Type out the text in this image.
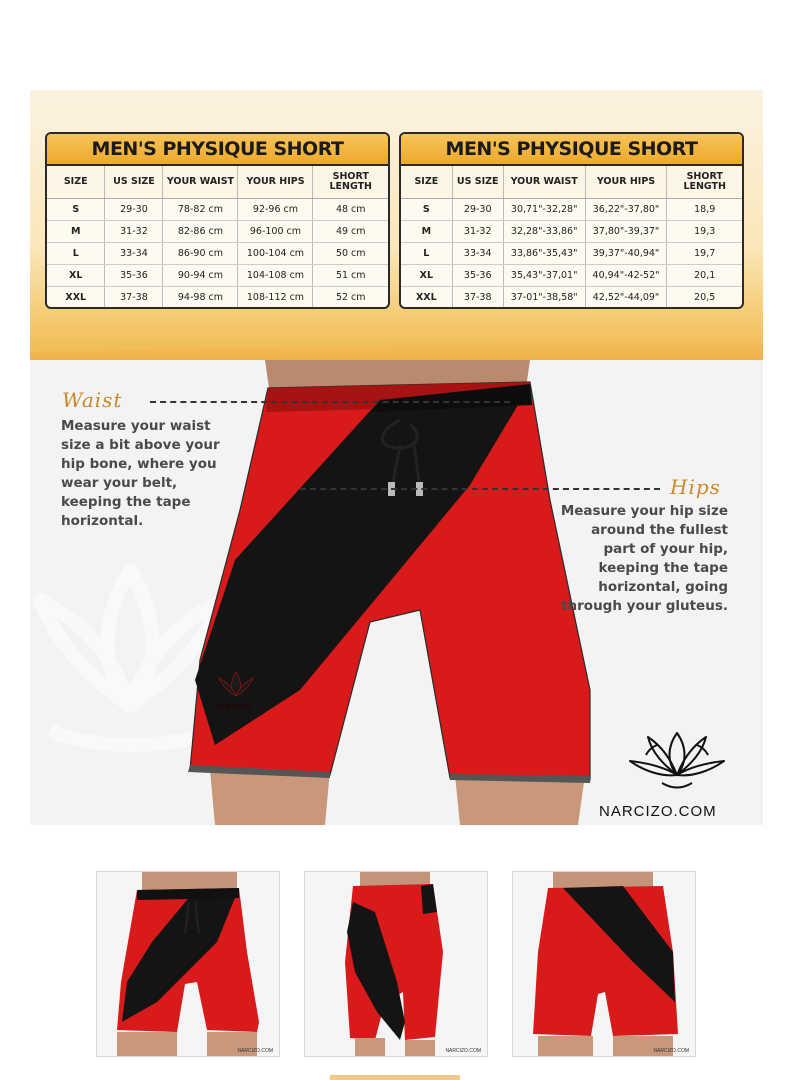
MEN'S PHYSIQUE SHORT
SIZE	US SIZE	YOUR WAIST	YOUR HIPS	SHORT LENGTH
S	29-30	78-82 cm	92-96 cm	48 cm
M	31-32	82-86 cm	96-100 cm	49 cm
L	33-34	86-90 cm	100-104 cm	50 cm
XL	35-36	90-94 cm	104-108 cm	51 cm
XXL	37-38	94-98 cm	108-112 cm	52 cm
MEN'S PHYSIQUE SHORT
SIZE	US SIZE	YOUR WAIST	YOUR HIPS	SHORT LENGTH
S	29-30	30,71"-32,28"	36,22"-37,80"	18,9
M	31-32	32,28"-33,86"	37,80"-39,37"	19,3
L	33-34	33,86"-35,43"	39,37"-40,94"	19,7
XL	35-36	35,43"-37,01"	40,94"-42-52"	20,1
XXL	37-38	37-01"-38,58"	42,52"-44,09"	20,5
NARCIZO
Waist
Measure your waist size a bit above your hip bone, where you wear your belt, keeping the tape horizontal.
Hips
Measure your hip size around the fullest part of your hip, keeping the tape horizontal, going through your gluteus.
NARCIZO.COM
NARCIZO.COM	NARCIZO.COM	NARCIZO.COM
